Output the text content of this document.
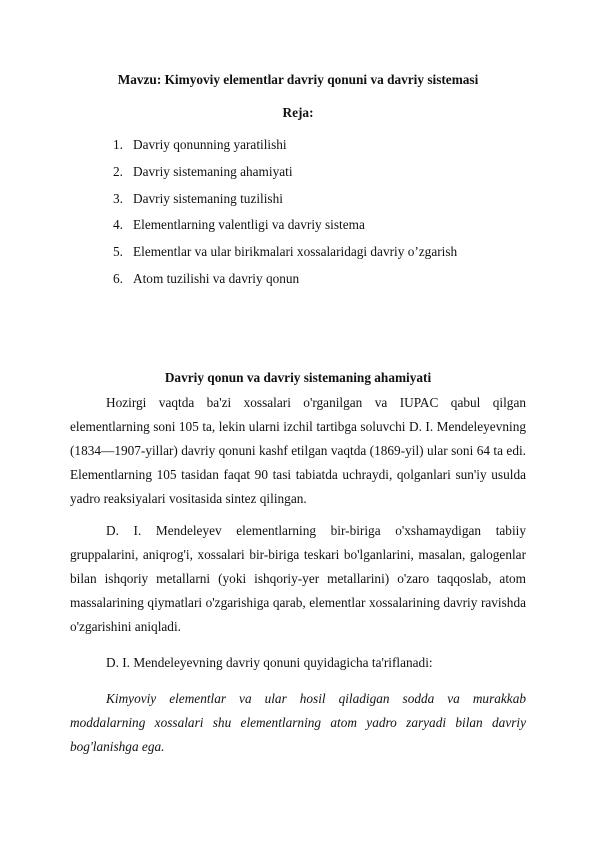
Mavzu: Kimyoviy elementlar davriy qonuni va davriy sistemasi
Reja:
1. Davriy qonunning yaratilishi
2. Davriy sistemaning ahamiyati
3. Davriy sistemaning tuzilishi
4. Elementlarning valentligi va davriy sistema
5. Elementlar va ular birikmalari xossalaridagi davriy o’zgarish
6. Atom tuzilishi va davriy qonun
Davriy qonun va davriy sistemaning ahamiyati

Hozirgi vaqtda ba'zi xossalari o'rganilgan va IUPAC qabul qilgan elementlarning soni 105 ta, lekin ularni izchil tartibga soluvchi D. I. Mendeleyevning (1834—1907-yillar) davriy qonuni kashf etilgan vaqtda (1869-yil) ular soni 64 ta edi. Elementlarning 105 tasidan faqat 90 tasi tabiatda uchraydi, qolganlari sun'iy usulda yadro reaksiyalari vositasida sintez qilingan.

D. I. Mendeleyev elementlarning bir-biriga o'xshamaydigan tabiiy gruppalarini, aniqrog'i, xossalari bir-biriga teskari bo'lganlarini, masalan, galogenlar bilan ishqoriy metallarni (yoki ishqoriy-yer metallarini) o'zaro taqqoslab, atom massalarining qiymatlari o'zgarishiga qarab, elementlar xossalarining davriy ravishda o'zgarishini aniqladi.

D. I. Mendeleyevning davriy qonuni quyidagicha ta'riflanadi:

Kimyoviy elementlar va ular hosil qiladigan sodda va murakkab moddalarning xossalari shu elementlarning atom yadro zaryadi bilan davriy bog'lanishga ega.
